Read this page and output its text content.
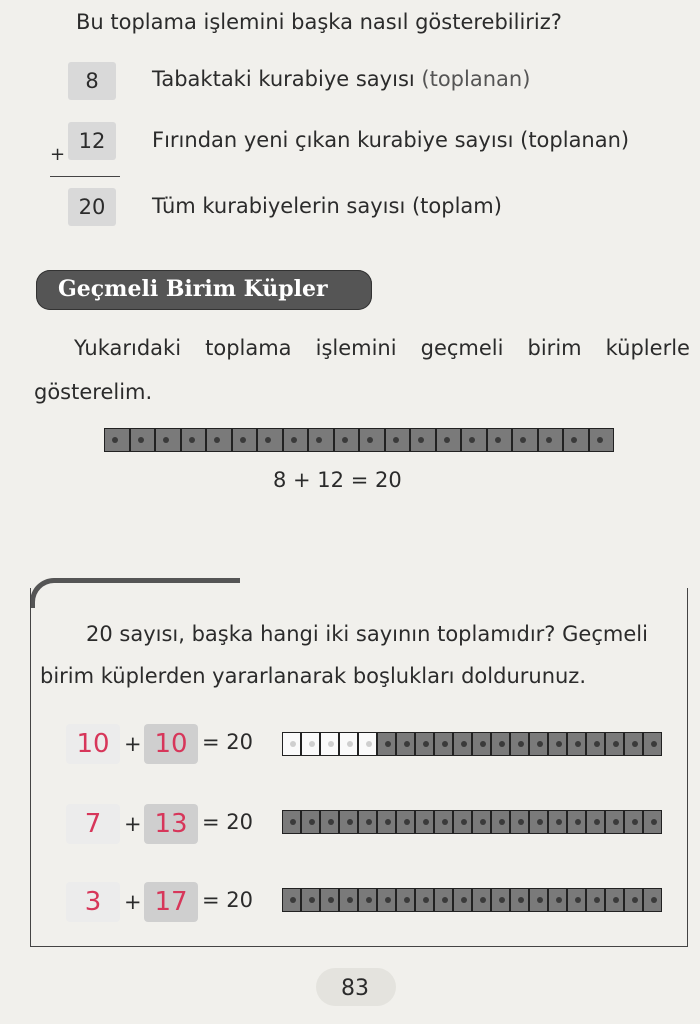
Bu toplama işlemini başka nasıl gösterebiliriz?
8	Tabaktaki kurabiye sayısı (toplanan)
+
12	Fırından yeni çıkan kurabiye sayısı (toplanan)
20	Tüm kurabiyelerin sayısı (toplam)
Geçmeli Birim Küpler
Yukarıdaki toplama işlemini geçmeli birim küplerle
gösterelim.
8 + 12 = 20
20 sayısı, başka hangi iki sayının toplamıdır? Geçmeli
birim küplerden yararlanarak boşlukları doldurunuz.
10 + 10 = 20
7	+ 13 = 20
3	+ 17 = 20
83
